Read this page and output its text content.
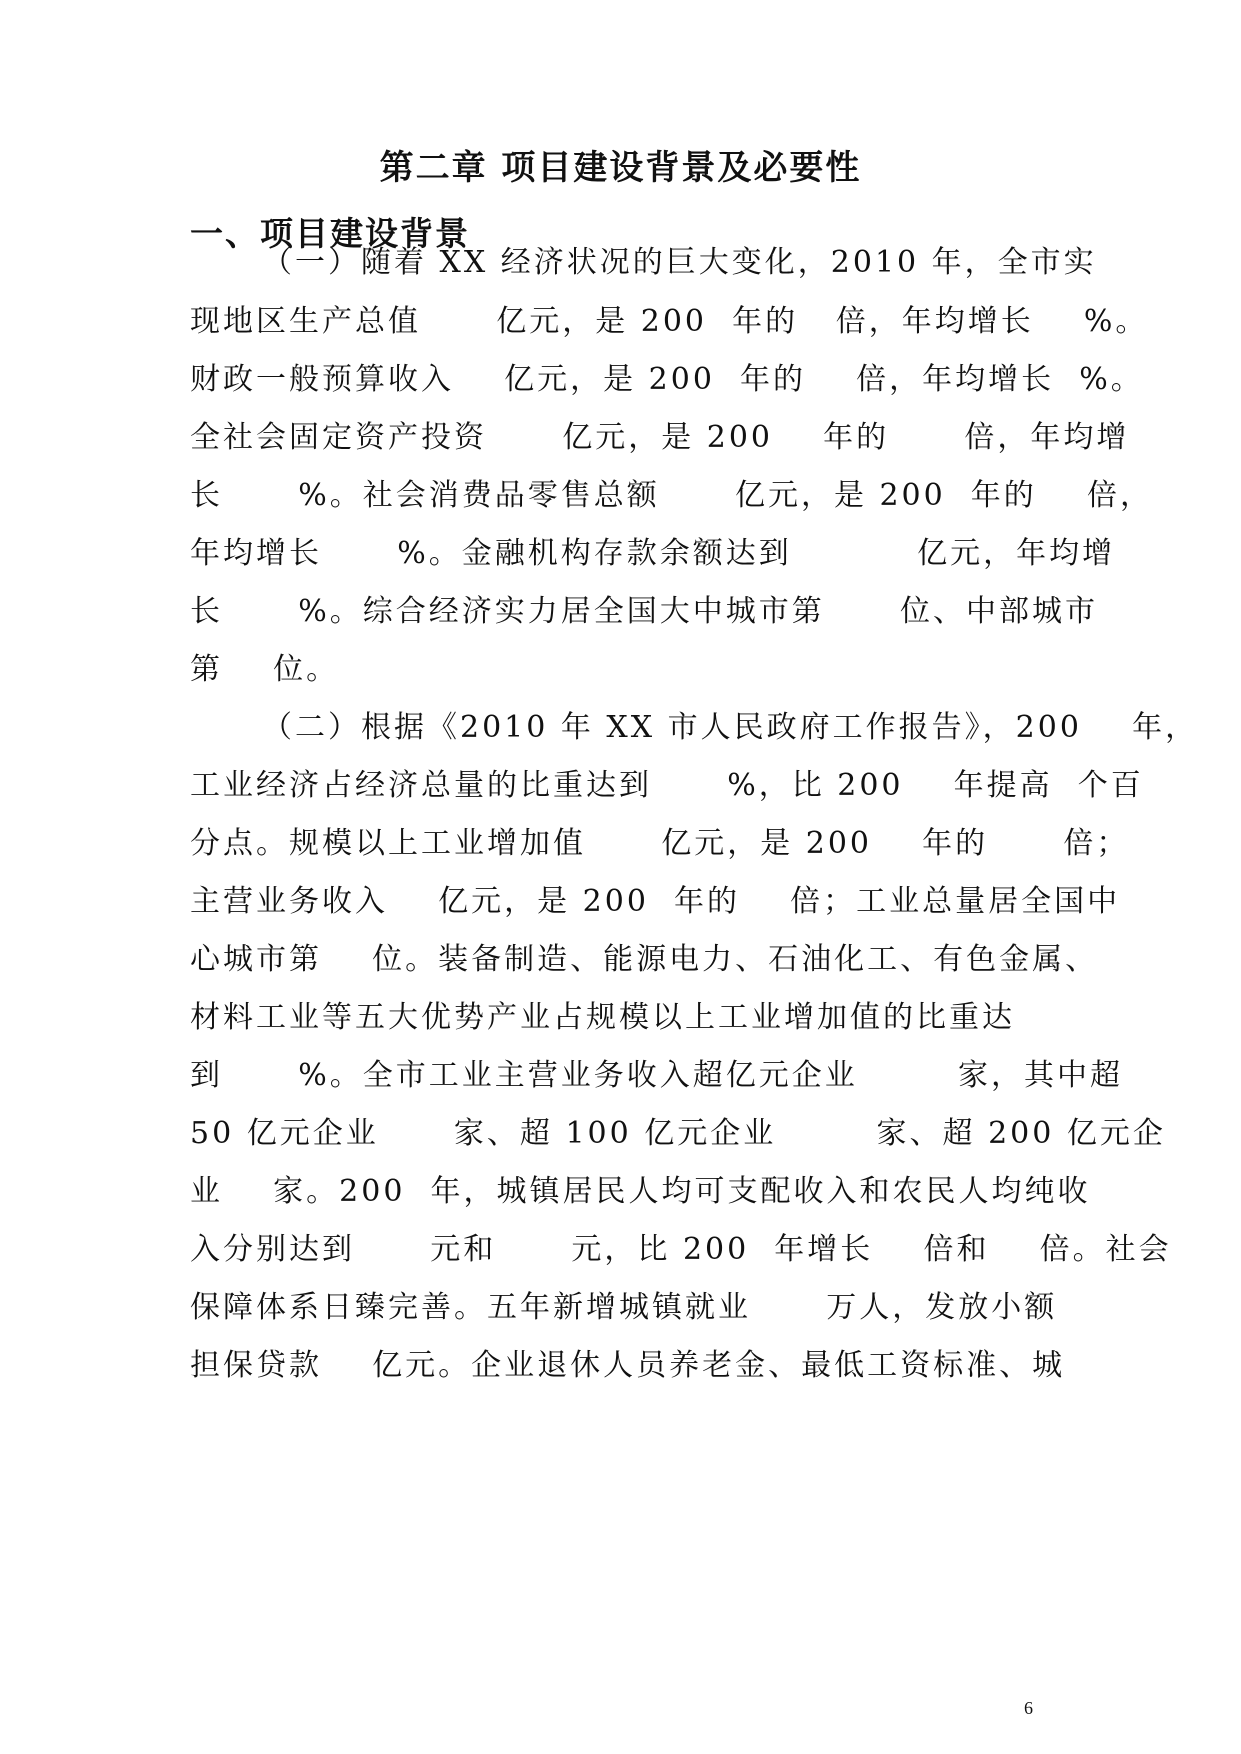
第二章 项目建设背景及必要性
一、项目建设背景
（一）随着 XX 经济状况的巨大变化，2010 年，全市实
现地区生产总值      亿元，是 200  年的   倍，年均增长    %。
财政一般预算收入    亿元，是 200  年的    倍，年均增长  %。
全社会固定资产投资      亿元，是 200    年的      倍，年均增
长      %。社会消费品零售总额      亿元，是 200  年的    倍，
年均增长      %。金融机构存款余额达到          亿元，年均增
长      %。综合经济实力居全国大中城市第      位、中部城市
第    位。
（二）根据《2010 年 XX 市人民政府工作报告》，200    年，
工业经济占经济总量的比重达到      %，比 200    年提高  个百
分点。规模以上工业增加值      亿元，是 200    年的      倍；
主营业务收入    亿元，是 200  年的    倍；工业总量居全国中
心城市第    位。装备制造、能源电力、石油化工、有色金属、
材料工业等五大优势产业占规模以上工业增加值的比重达
到      %。全市工业主营业务收入超亿元企业        家，其中超
50 亿元企业      家、超 100 亿元企业        家、超 200 亿元企
业    家。200  年，城镇居民人均可支配收入和农民人均纯收
入分别达到      元和      元，比 200  年增长    倍和    倍。社会
保障体系日臻完善。五年新增城镇就业      万人，发放小额
担保贷款    亿元。企业退休人员养老金、最低工资标准、城
6
